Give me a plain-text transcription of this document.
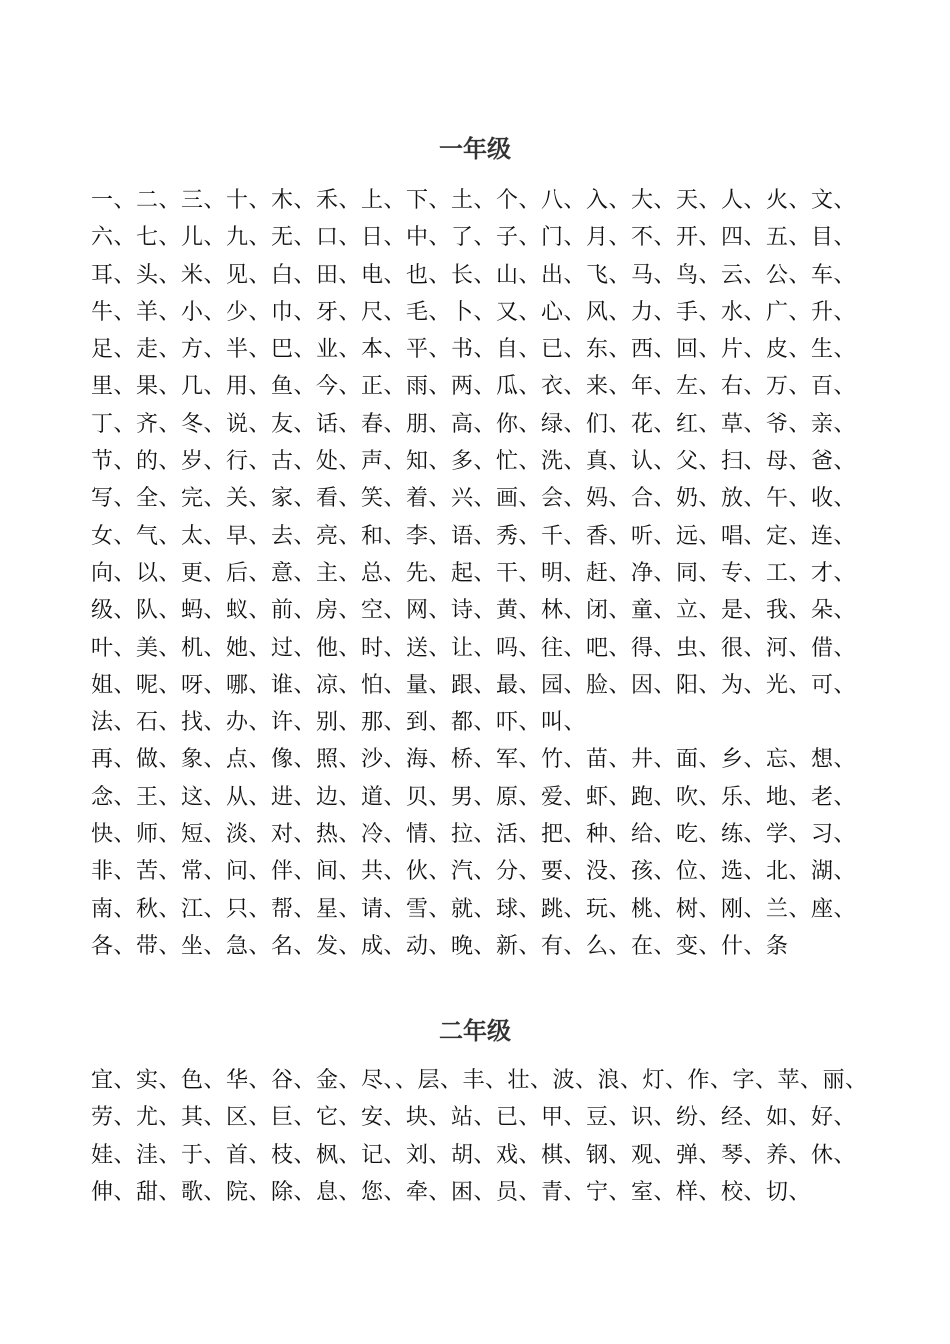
一年级
一、二、三、十、木、禾、上、下、土、个、八、入、大、天、人、火、文、
六、七、儿、九、无、口、日、中、了、子、门、月、不、开、四、五、目、
耳、头、米、见、白、田、电、也、长、山、出、飞、马、鸟、云、公、车、
牛、羊、小、少、巾、牙、尺、毛、卜、又、心、风、力、手、水、广、升、
足、走、方、半、巴、业、本、平、书、自、已、东、西、回、片、皮、生、
里、果、几、用、鱼、今、正、雨、两、瓜、衣、来、年、左、右、万、百、
丁、齐、冬、说、友、话、春、朋、高、你、绿、们、花、红、草、爷、亲、
节、的、岁、行、古、处、声、知、多、忙、洗、真、认、父、扫、母、爸、
写、全、完、关、家、看、笑、着、兴、画、会、妈、合、奶、放、午、收、
女、气、太、早、去、亮、和、李、语、秀、千、香、听、远、唱、定、连、
向、以、更、后、意、主、总、先、起、干、明、赶、净、同、专、工、才、
级、队、蚂、蚁、前、房、空、网、诗、黄、林、闭、童、立、是、我、朵、
叶、美、机、她、过、他、时、送、让、吗、往、吧、得、虫、很、河、借、
姐、呢、呀、哪、谁、凉、怕、量、跟、最、园、脸、因、阳、为、光、可、
法、石、找、办、许、别、那、到、都、吓、叫、
再、做、象、点、像、照、沙、海、桥、军、竹、苗、井、面、乡、忘、想、
念、王、这、从、进、边、道、贝、男、原、爱、虾、跑、吹、乐、地、老、
快、师、短、淡、对、热、冷、情、拉、活、把、种、给、吃、练、学、习、
非、苦、常、问、伴、间、共、伙、汽、分、要、没、孩、位、选、北、湖、
南、秋、江、只、帮、星、请、雪、就、球、跳、玩、桃、树、刚、兰、座、
各、带、坐、急、名、发、成、动、晚、新、有、么、在、变、什、条
二年级
宜、实、色、华、谷、金、尽、、层、丰、壮、波、浪、灯、作、字、苹、丽、
劳、尤、其、区、巨、它、安、块、站、已、甲、豆、识、纷、经、如、好、
娃、洼、于、首、枝、枫、记、刘、胡、戏、棋、钢、观、弹、琴、养、休、
伸、甜、歌、院、除、息、您、牵、困、员、青、宁、室、样、校、切、
